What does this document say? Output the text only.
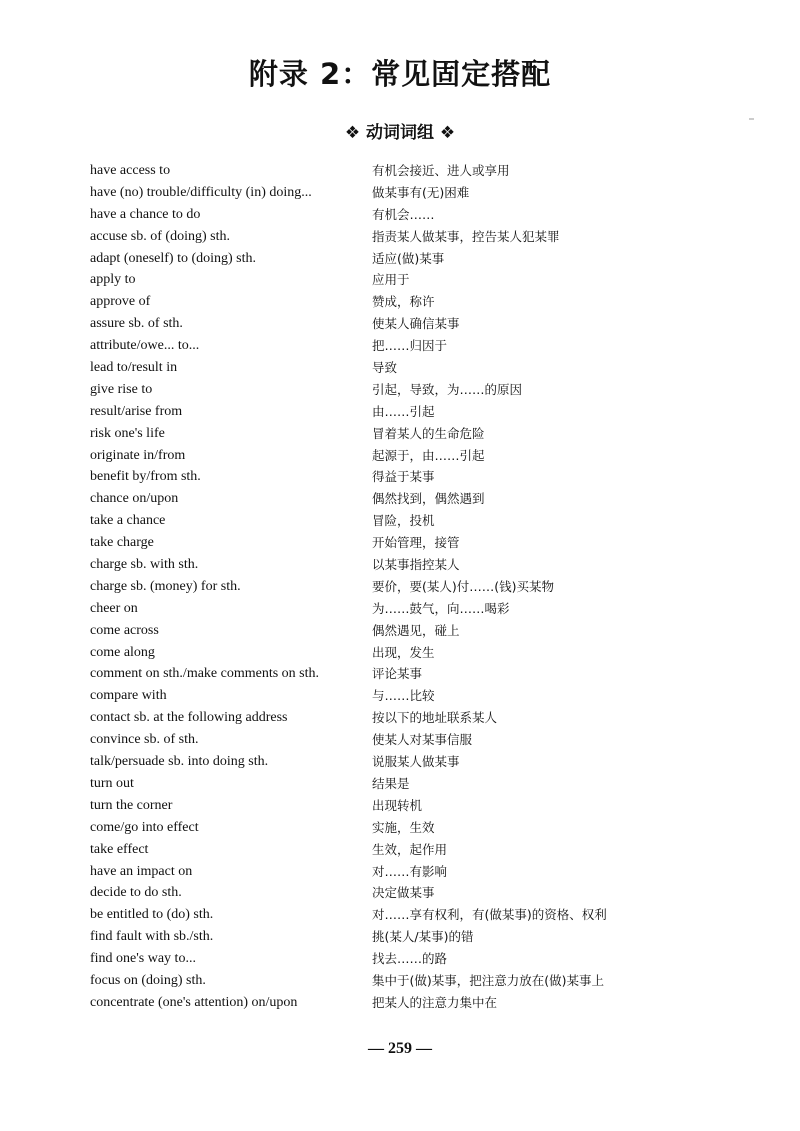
附录 2：常见固定搭配
❖ 动词词组 ❖
have access to	有机会接近、进人或享用
have (no) trouble/difficulty (in) doing...	做某事有(无)困难
have a chance to do	有机会……
accuse sb. of (doing) sth.	指责某人做某事，控告某人犯某罪
adapt (oneself) to (doing) sth.	适应(做)某事
apply to	应用于
approve of	赞成，称许
assure sb. of sth.	使某人确信某事
attribute/owe... to...	把……归因于
lead to/result in	导致
give rise to	引起，导致，为……的原因
result/arise from	由……引起
risk one's life	冒着某人的生命危险
originate in/from	起源于，由……引起
benefit by/from sth.	得益于某事
chance on/upon	偶然找到，偶然遇到
take a chance	冒险，投机
take charge	开始管理，接管
charge sb. with sth.	以某事指控某人
charge sb. (money) for sth.	要价，要(某人)付……(钱)买某物
cheer on	为……鼓气，向……喝彩
come across	偶然遇见，碰上
come along	出现，发生
comment on sth./make comments on sth.	评论某事
compare with	与……比较
contact sb. at the following address	按以下的地址联系某人
convince sb. of sth.	使某人对某事信服
talk/persuade sb. into doing sth.	说服某人做某事
turn out	结果是
turn the corner	出现转机
come/go into effect	实施，生效
take effect	生效，起作用
have an impact on	对……有影响
decide to do sth.	决定做某事
be entitled to (do) sth.	对……享有权利，有(做某事)的资格、权利
find fault with sb./sth.	挑(某人/某事)的错
find one's way to...	找去……的路
focus on (doing) sth.	集中于(做)某事，把注意力放在(做)某事上
concentrate (one's attention) on/upon	把某人的注意力集中在
— 259 —
